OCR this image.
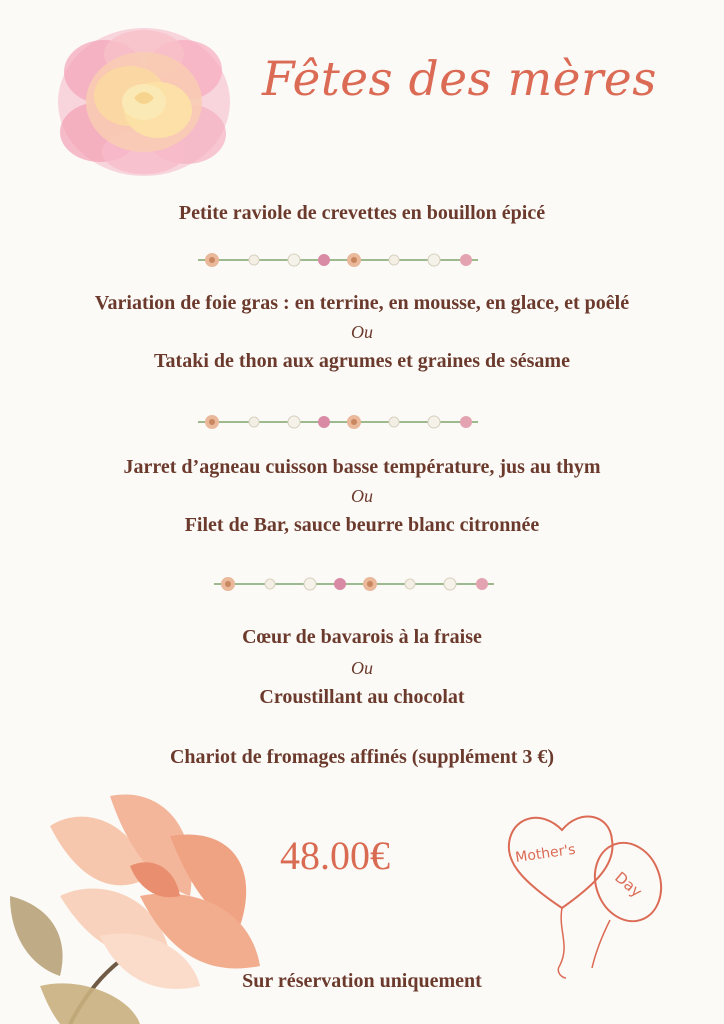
Fêtes des mères
Petite raviole de crevettes en bouillon épicé
Variation de foie gras : en terrine, en mousse, en glace, et poêlé
Ou
Tataki de thon aux agrumes et graines de sésame
Jarret d’agneau cuisson basse température, jus au thym
Ou
Filet de Bar, sauce beurre blanc citronnée
Cœur de bavarois à la fraise
Ou
Croustillant au chocolat
Chariot de fromages affinés (supplément 3 €)
48.00€	Mother's
Day
Sur réservation uniquement
